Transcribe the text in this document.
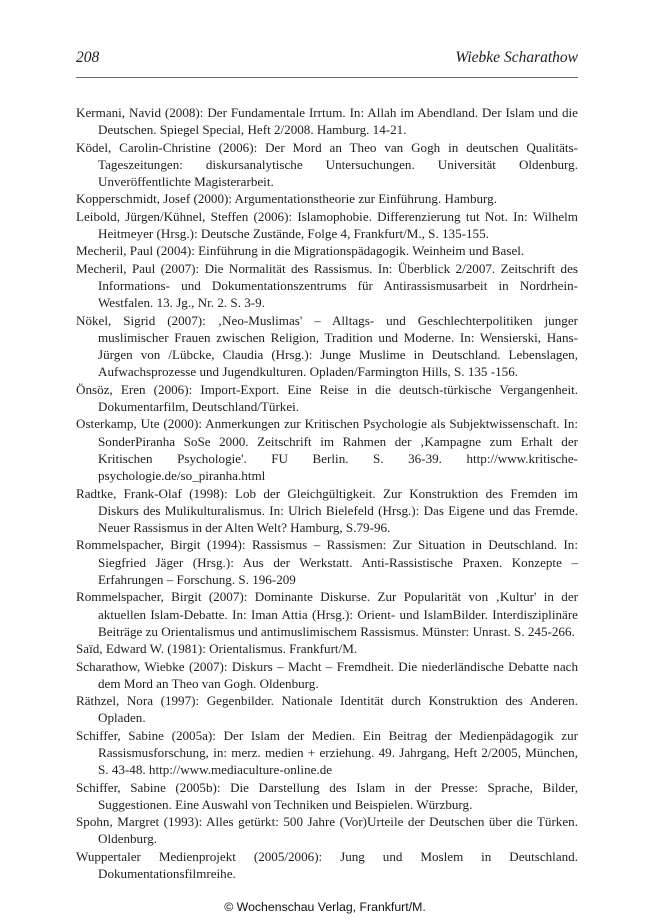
208	Wiebke Scharathow
Kermani, Navid (2008): Der Fundamentale Irrtum. In: Allah im Abendland. Der Islam und die Deutschen. Spiegel Special, Heft 2/2008. Hamburg. 14-21.
Ködel, Carolin-Christine (2006): Der Mord an Theo van Gogh in deutschen Qualitäts-Tageszeitungen: diskursanalytische Untersuchungen. Universität Oldenburg. Unveröffentlichte Magisterarbeit.
Kopperschmidt, Josef (2000): Argumentationstheorie zur Einführung. Hamburg.
Leibold, Jürgen/Kühnel, Steffen (2006): Islamophobie. Differenzierung tut Not. In: Wilhelm Heitmeyer (Hrsg.): Deutsche Zustände, Folge 4, Frankfurt/M., S. 135-155.
Mecheril, Paul (2004): Einführung in die Migrationspädagogik. Weinheim und Basel.
Mecheril, Paul (2007): Die Normalität des Rassismus. In: Überblick 2/2007. Zeitschrift des Informations- und Dokumentationszentrums für Antirassismusarbeit in Nordrhein-Westfalen. 13. Jg., Nr. 2. S. 3-9.
Nökel, Sigrid (2007): ‚Neo-Muslimas' – Alltags- und Geschlechterpolitiken junger muslimischer Frauen zwischen Religion, Tradition und Moderne. In: Wensierski, Hans-Jürgen von /Lübcke, Claudia (Hrsg.): Junge Muslime in Deutschland. Lebenslagen, Aufwachsprozesse und Jugendkulturen. Opladen/Farmington Hills, S. 135 -156.
Önsöz, Eren (2006): Import-Export. Eine Reise in die deutsch-türkische Vergangenheit. Dokumentarfilm, Deutschland/Türkei.
Osterkamp, Ute (2000): Anmerkungen zur Kritischen Psychologie als Subjektwissenschaft. In: SonderPiranha SoSe 2000. Zeitschrift im Rahmen der ‚Kampagne zum Erhalt der Kritischen Psychologie'. FU Berlin. S. 36-39. http://www.kritische-psychologie.de/so_piranha.html
Radtke, Frank-Olaf (1998): Lob der Gleichgültigkeit. Zur Konstruktion des Fremden im Diskurs des Mulikulturalismus. In: Ulrich Bielefeld (Hrsg.): Das Eigene und das Fremde. Neuer Rassismus in der Alten Welt? Hamburg, S.79-96.
Rommelspacher, Birgit (1994): Rassismus – Rassismen: Zur Situation in Deutschland. In: Siegfried Jäger (Hrsg.): Aus der Werkstatt. Anti-Rassistische Praxen. Konzepte – Erfahrungen – Forschung. S. 196-209
Rommelspacher, Birgit (2007): Dominante Diskurse. Zur Popularität von ‚Kultur' in der aktuellen Islam-Debatte. In: Iman Attia (Hrsg.): Orient- und IslamBilder. Interdisziplinäre Beiträge zu Orientalismus und antimuslimischem Rassismus. Münster: Unrast. S. 245-266.
Saïd, Edward W. (1981): Orientalismus. Frankfurt/M.
Scharathow, Wiebke (2007): Diskurs – Macht – Fremdheit. Die niederländische Debatte nach dem Mord an Theo van Gogh. Oldenburg.
Räthzel, Nora (1997): Gegenbilder. Nationale Identität durch Konstruktion des Anderen. Opladen.
Schiffer, Sabine (2005a): Der Islam der Medien. Ein Beitrag der Medienpädagogik zur Rassismusforschung, in: merz. medien + erziehung. 49. Jahrgang, Heft 2/2005, München, S. 43-48. http://www.mediaculture-online.de
Schiffer, Sabine (2005b): Die Darstellung des Islam in der Presse: Sprache, Bilder, Suggestionen. Eine Auswahl von Techniken und Beispielen. Würzburg.
Spohn, Margret (1993): Alles getürkt: 500 Jahre (Vor)Urteile der Deutschen über die Türken. Oldenburg.
Wuppertaler Medienprojekt (2005/2006): Jung und Moslem in Deutschland. Dokumentationsfilmreihe.
© Wochenschau Verlag, Frankfurt/M.
